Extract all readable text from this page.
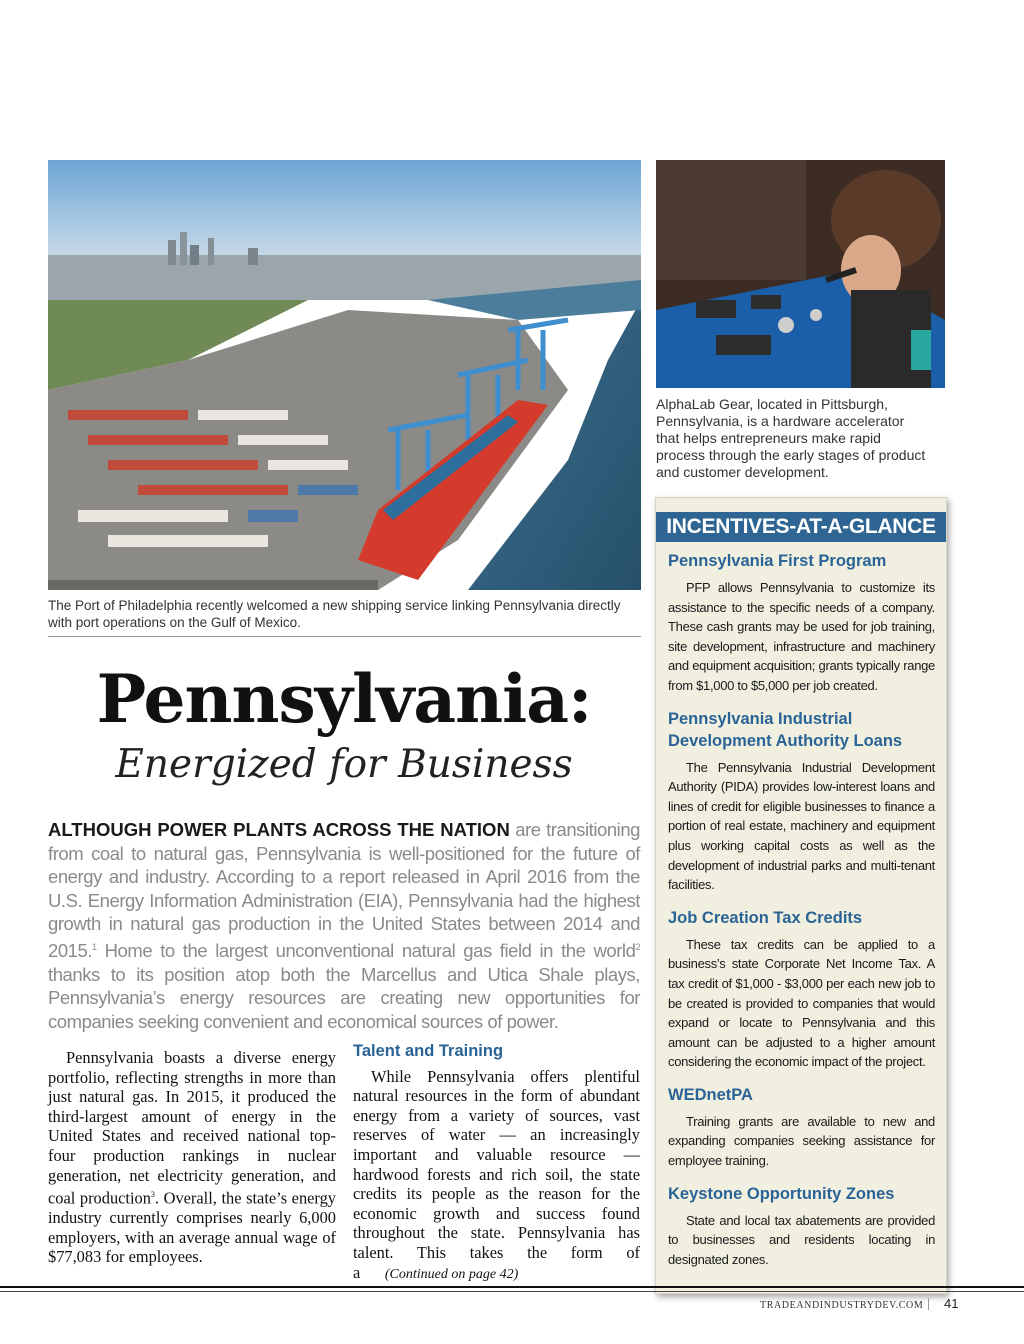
The Port of Philadelphia recently welcomed a new shipping service linking Pennsylvania directly with port operations on the Gulf of Mexico.
AlphaLab Gear, located in Pittsburgh, Pennsylvania, is a hardware accelerator that helps entrepreneurs make rapid process through the early stages of product and customer development.
Pennsylvania:
Energized for Business
ALTHOUGH POWER PLANTS ACROSS THE NATION are transitioning from coal to natural gas, Pennsylvania is well-positioned for the future of energy and industry. According to a report released in April 2016 from the U.S. Energy Information Administration (EIA), Pennsylvania had the highest growth in natural gas production in the United States between 2014 and 2015.$^1$ Home to the largest unconventional natural gas field in the world$^2$ thanks to its position atop both the Marcellus and Utica Shale plays, Pennsylvania’s energy resources are creating new opportunities for companies seeking convenient and economical sources of power.

Pennsylvania boasts a diverse energy portfolio, reflecting strengths in more than just natural gas. In 2015, it produced the third-largest amount of energy in the United States and received national top-four production rankings in nuclear generation, net electricity generation, and coal production$^3$. Overall, the state’s energy industry currently comprises nearly 6,000 employers, with an average annual wage of $77,083 for employees.

Talent and Training

While Pennsylvania offers plentiful natural resources in the form of abundant energy from a variety of sources, vast reserves of water — an increasingly important and valuable resource — hardwood forests and rich soil, the state credits its people as the reason for the economic growth and success found throughout the state. Pennsylvania has talent. This takes the form of a (Continued on page 42)

INCENTIVES-AT-A-GLANCE
Pennsylvania First Program
PFP allows Pennsylvania to customize its assistance to the specific needs of a company. These cash grants may be used for job training, site development, infrastructure and machinery and equipment acquisition; grants typically range from $1,000 to $5,000 per job created.
Pennsylvania Industrial Development Authority Loans
The Pennsylvania Industrial Development Authority (PIDA) provides low-interest loans and lines of credit for eligible businesses to finance a portion of real estate, machinery and equipment plus working capital costs as well as the development of industrial parks and multi-tenant facilities.
Job Creation Tax Credits
These tax credits can be applied to a business’s state Corporate Net Income Tax. A tax credit of $1,000 - $3,000 per each new job to be created is provided to companies that would expand or locate to Pennsylvania and this amount can be adjusted to a higher amount considering the economic impact of the project.
WEDnetPA
Training grants are available to new and expanding companies seeking assistance for employee training.
Keystone Opportunity Zones
State and local tax abatements are provided to businesses and residents locating in designated zones.
TRADEANDINDUSTRYDEV.COM 41
